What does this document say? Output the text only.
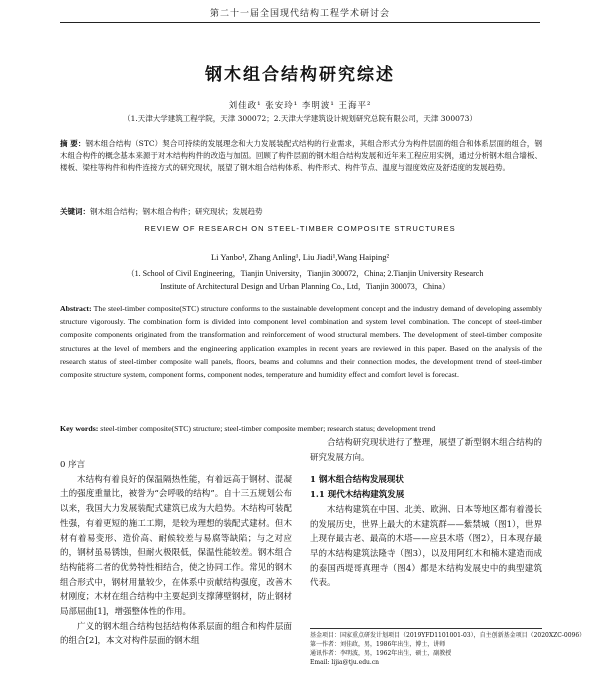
第二十一届全国现代结构工程学术研讨会
钢木组合结构研究综述
刘佳政¹ 张安玲¹ 李明波¹ 王海平²
（1.天津大学建筑工程学院，天津 300072；2.天津大学建筑设计规划研究总院有限公司，天津 300073）
摘 要：钢木组合结构（STC）契合可持续的发展理念和大力发展装配式结构的行业需求，其组合形式分为构件层面的组合和体系层面的组合，钢木组合构件的概念基本来源于对木结构构件的改造与加固。回顾了构件层面的钢木组合结构发展和近年来工程应用实例，通过分析钢木组合墙板、楼板、梁柱等构件和构件连接方式的研究现状，展望了钢木组合结构体系、构件形式、构件节点、温度与湿度效应及舒适度的发展趋势。
关键词：钢木组合结构；钢木组合构件；研究现状；发展趋势
REVIEW OF RESEARCH ON STEEL-TIMBER COMPOSITE STRUCTURES
Li Yanbo¹, Zhang Anling¹, Liu Jiadi¹,Wang Haiping²
（1. School of Civil Engineering，Tianjin University，Tianjin 300072，China; 2.Tianjin University Research
Institute of Architectural Design and Urban Planning Co., Ltd，Tianjin 300073，China）
Abstract: The steel-timber composite(STC) structure conforms to the sustainable development concept and the industry demand of developing assembly structure vigorously. The combination form is divided into component level combination and system level combination. The concept of steel-timber composite components originated from the transformation and reinforcement of wood structural members. The development of steel-timber composite structures at the level of members and the engineering application examples in recent years are reviewed in this paper. Based on the analysis of the research status of steel-timber composite wall panels, floors, beams and columns and their connection modes, the development trend of steel-timber composite structure system, component forms, component nodes, temperature and humidity effect and comfort level is forecast.
Key words: steel-timber composite(STC) structure; steel-timber composite member; research status; development trend
0 序言

木结构有着良好的保温隔热性能，有着远高于钢材、混凝土的强度重量比，被誉为“会呼吸的结构”。自十三五规划公布以来，我国大力发展装配式建筑已成为大趋势。木结构可装配性强，有着更短的施工工期，是较为理想的装配式建材。但木材有着易变形、造价高、耐候较差与易腐等缺陷；与之对应的，钢材虽易锈蚀，但耐火极限低，保温性能较差。钢木组合结构能将二者的优势特性相结合，使之协同工作。常见的钢木组合形式中，钢材用量较少，在体系中贡献结构强度，改善木材刚度；木材在组合结构中主要起到支撑薄壁钢材，防止钢材局部屈曲[1]，增强整体性的作用。

广义的钢木组合结构包括结构体系层面的组合和构件层面的组合[2]，本文对构件层面的钢木组

合结构研究现状进行了整理，展望了新型钢木组合结构的研究发展方向。

1 钢木组合结构发展现状
1.1 现代木结构建筑发展

木结构建筑在中国、北美、欧洲、日本等地区都有着漫长的发展历史，世界上最大的木建筑群——紫禁城（图1），世界上现存最古老、最高的木塔——应县木塔（图2），日本现存最早的木结构建筑法隆寺（图3），以及用阿红木和楠木建造而成的泰国西堤哥真理寺（图4）都是木结构发展史中的典型建筑代表。

基金项目：国家重点研发计划项目（2019YFD1101001-03），自主创新基金项目（2020XZC-0096）
第一作者：刘佳政，男，1986年出生，博士，讲师
通讯作者：李明波，男，1962年出生，硕士，副教授
Email: lijia@tju.edu.cn
